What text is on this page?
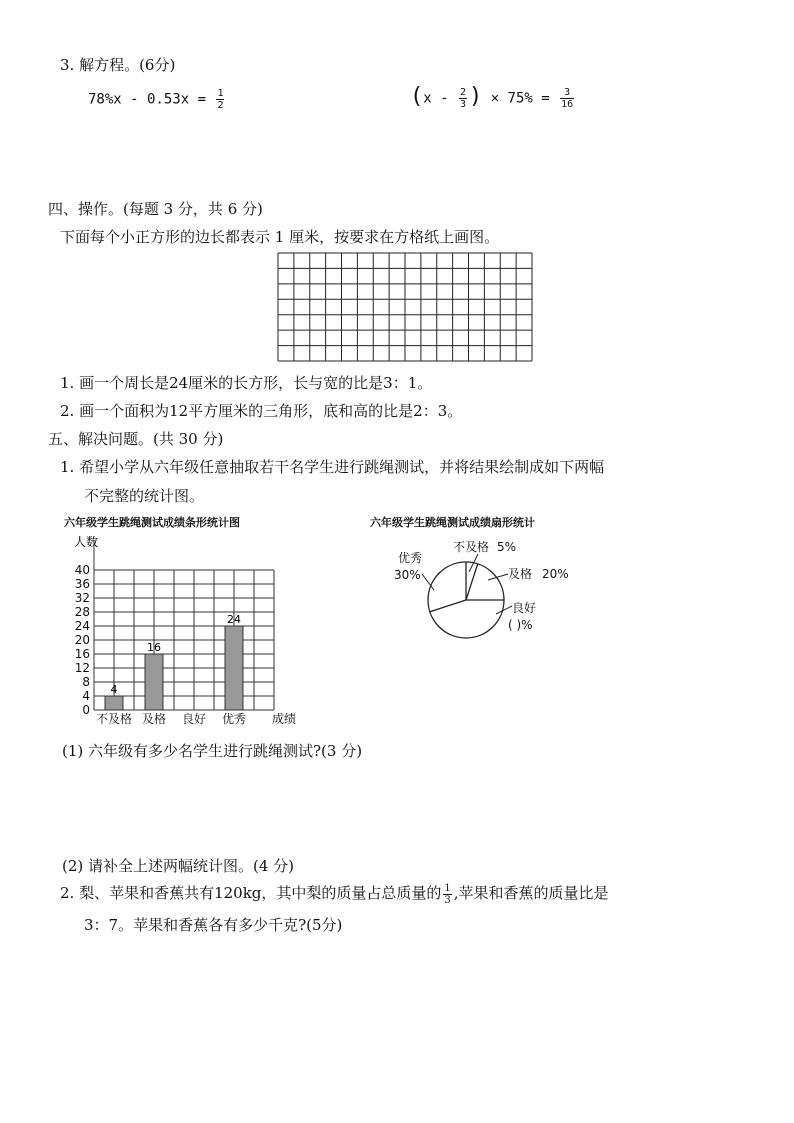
3. 解方程。(6分)
$78\%x - 0.53x = \frac{1}{2}$	($x - \frac{2}{3}$ ) × $75\% = \frac{3}{16}$
四、操作。(每题 3 分，共 6 分)
下面每个小正方形的边长都表示 1 厘米，按要求在方格纸上画图。
1. 画一个周长是24厘米的长方形，长与宽的比是3：1。
2. 画一个面积为12平方厘米的三角形，底和高的比是2：3。
五、解决问题。(共 30 分)
1. 希望小学从六年级任意抽取若干名学生进行跳绳测试，并将结果绘制成如下两幅
不完整的统计图。
六年级学生跳绳测试成绩条形统计图	六年级学生跳绳测试成绩扇形统计
0
4
8
12
16
20
24
28
32
36
40
不及格 及格 良好 优秀
4
16
24
人数
成绩
不及格 5%
及格 20%
良好
( )%
优秀
30%
(1) 六年级有多少名学生进行跳绳测试?(3 分)
(2) 请补全上述两幅统计图。(4 分)
2. 梨、苹果和香蕉共有120kg，其中梨的质量占总质量的 $\frac{1}{3}$ ,苹果和香蕉的质量比是
3：7。苹果和香蕉各有多少千克?(5分)
